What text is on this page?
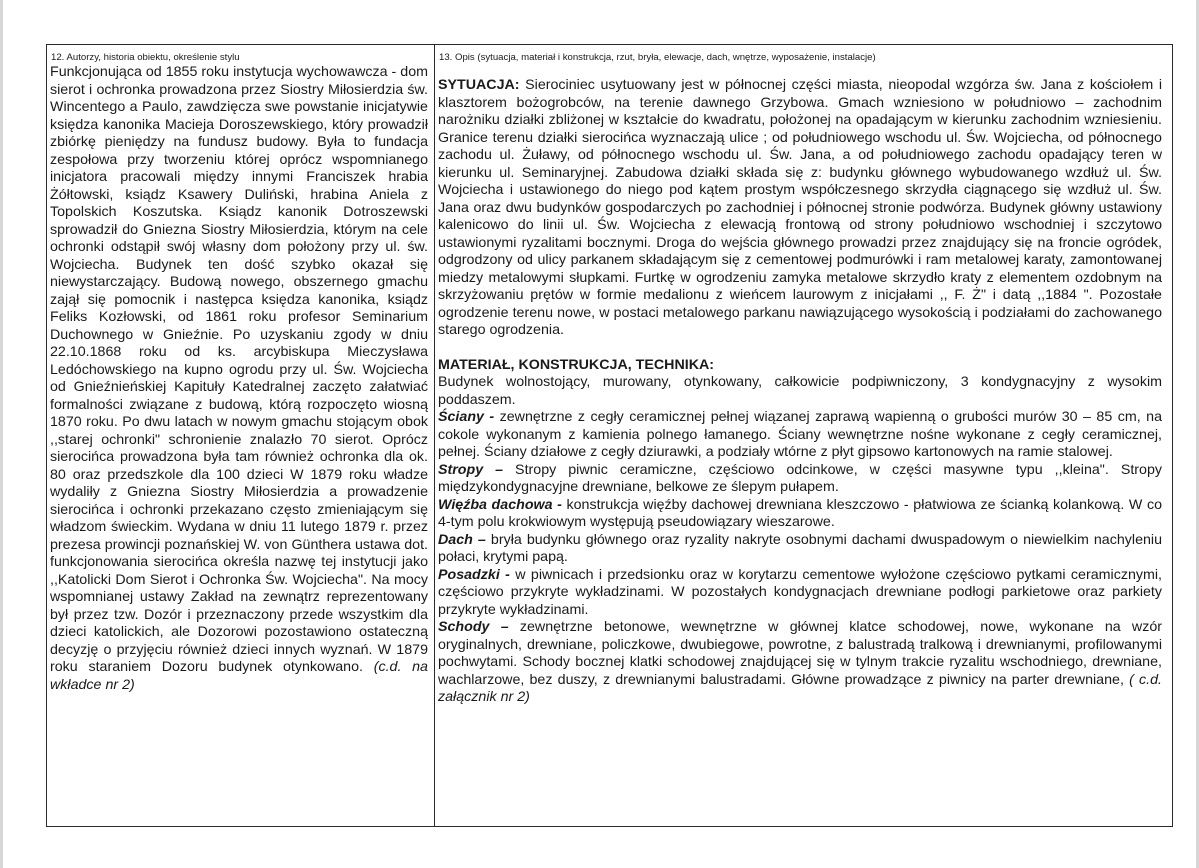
12. Autorzy, historia obiektu, określenie stylu
Funkcjonująca od 1855 roku instytucja wychowawcza - dom sierot i ochronka prowadzona przez Siostry Miłosierdzia św. Wincentego a Paulo, zawdzięcza swe powstanie inicjatywie księdza kanonika Macieja Doroszewskiego, który prowadził zbiórkę pieniędzy na fundusz budowy. Była to fundacja zespołowa przy tworzeniu której oprócz wspomnianego inicjatora pracowali między innymi Franciszek hrabia Żółtowski, ksiądz Ksawery Duliński, hrabina Aniela z Topolskich Koszutska. Ksiądz kanonik Dotroszewski sprowadził do Gniezna Siostry Miłosierdzia, którym na cele ochronki odstąpił swój własny dom położony przy ul. św. Wojciecha. Budynek ten dość szybko okazał się niewystarczający. Budową nowego, obszernego gmachu zajął się pomocnik i następca księdza kanonika, ksiądz Feliks Kozłowski, od 1861 roku profesor Seminarium Duchownego w Gnieźnie. Po uzyskaniu zgody w dniu 22.10.1868 roku od ks. arcybiskupa Mieczysława Ledóchowskiego na kupno ogrodu przy ul. Św. Wojciecha od Gnieźnieńskiej Kapituły Katedralnej zaczęto załatwiać formalności związane z budową, którą rozpoczęto wiosną 1870 roku. Po dwu latach w nowym gmachu stojącym obok ,,starej ochronki" schronienie znalazło 70 sierot. Oprócz sierocińca prowadzona była tam również ochronka dla ok. 80 oraz przedszkole dla 100 dzieci W 1879 roku władze wydaliły z Gniezna Siostry Miłosierdzia a prowadzenie sierocińca i ochronki przekazano często zmieniającym się władzom świeckim. Wydana w dniu 11 lutego 1879 r. przez prezesa prowincji poznańskiej W. von Günthera ustawa dot. funkcjonowania sierocińca określa nazwę tej instytucji jako ,,Katolicki Dom Sierot i Ochronka Św. Wojciecha". Na mocy wspomnianej ustawy Zakład na zewnątrz reprezentowany był przez tzw. Dozór i przeznaczony przede wszystkim dla dzieci katolickich, ale Dozorowi pozostawiono ostateczną decyzję o przyjęciu również dzieci innych wyznań. W 1879 roku staraniem Dozoru budynek otynkowano. (c.d. na wkładce nr 2)
13. Opis (sytuacja, materiał i konstrukcja, rzut, bryła, elewacje, dach, wnętrze, wyposażenie, instalacje)
SYTUACJA: Sierociniec usytuowany jest w północnej części miasta, nieopodal wzgórza św. Jana z kościołem i klasztorem bożogrobców, na terenie dawnego Grzybowa. Gmach wzniesiono w południowo – zachodnim narożniku działki zbliżonej w kształcie do kwadratu, położonej na opadającym w kierunku zachodnim wzniesieniu. Granice terenu działki sierocińca wyznaczają ulice ; od południowego wschodu ul. Św. Wojciecha, od północnego zachodu ul. Żuławy, od północnego wschodu ul. Św. Jana, a od południowego zachodu opadający teren w kierunku ul. Seminaryjnej. Zabudowa działki składa się z: budynku głównego wybudowanego wzdłuż ul. Św. Wojciecha i ustawionego do niego pod kątem prostym współczesnego skrzydła ciągnącego się wzdłuż ul. Św. Jana oraz dwu budynków gospodarczych po zachodniej i północnej stronie podwórza. Budynek główny ustawiony kalenicowo do linii ul. Św. Wojciecha z elewacją frontową od strony południowo wschodniej i szczytowo ustawionymi ryzalitami bocznymi. Droga do wejścia głównego prowadzi przez znajdujący się na froncie ogródek, odgrodzony od ulicy parkanem składającym się z cementowej podmurówki i ram metalowej karaty, zamontowanej miedzy metalowymi słupkami. Furtkę w ogrodzeniu zamyka metalowe skrzydło kraty z elementem ozdobnym na skrzyżowaniu prętów w formie medalionu z wieńcem laurowym z inicjałami ,, F. Ż" i datą ,,1884 ". Pozostałe ogrodzenie terenu nowe, w postaci metalowego parkanu nawiązującego wysokością i podziałami do zachowanego starego ogrodzenia.
MATERIAŁ, KONSTRUKCJA, TECHNIKA:
Budynek wolnostojący, murowany, otynkowany, całkowicie podpiwniczony, 3 kondygnacyjny z wysokim poddaszem.
Ściany - zewnętrzne z cegły ceramicznej pełnej wiązanej zaprawą wapienną o grubości murów 30 – 85 cm, na cokole wykonanym z kamienia polnego łamanego. Ściany wewnętrzne nośne wykonane z cegły ceramicznej, pełnej. Ściany działowe z cegły dziurawki, a podziały wtórne z płyt gipsowo kartonowych na ramie stalowej.
Stropy – Stropy piwnic ceramiczne, częściowo odcinkowe, w części masywne typu ,,kleina". Stropy międzykondygnacyjne drewniane, belkowe ze ślepym pułapem.
Więźba dachowa - konstrukcja więźby dachowej drewniana kleszczowo - płatwiowa ze ścianką kolankową. W co 4-tym polu krokwiowym występują pseudowiązary wieszarowe.
Dach – bryła budynku głównego oraz ryzality nakryte osobnymi dachami dwuspadowym o niewielkim nachyleniu połaci, krytymi papą.
Posadzki - w piwnicach i przedsionku oraz w korytarzu cementowe wyłożone częściowo pytkami ceramicznymi, częściowo przykryte wykładzinami. W pozostałych kondygnacjach drewniane podłogi parkietowe oraz parkiety przykryte wykładzinami.
Schody – zewnętrzne betonowe, wewnętrzne w głównej klatce schodowej, nowe, wykonane na wzór oryginalnych, drewniane, policzkowe, dwubiegowe, powrotne, z balustradą tralkową i drewnianymi, profilowanymi pochwytami. Schody bocznej klatki schodowej znajdującej się w tylnym trakcie ryzalitu wschodniego, drewniane, wachlarzowe, bez duszy, z drewnianymi balustradami. Główne prowadzące z piwnicy na parter drewniane, ( c.d. załącznik nr 2)
